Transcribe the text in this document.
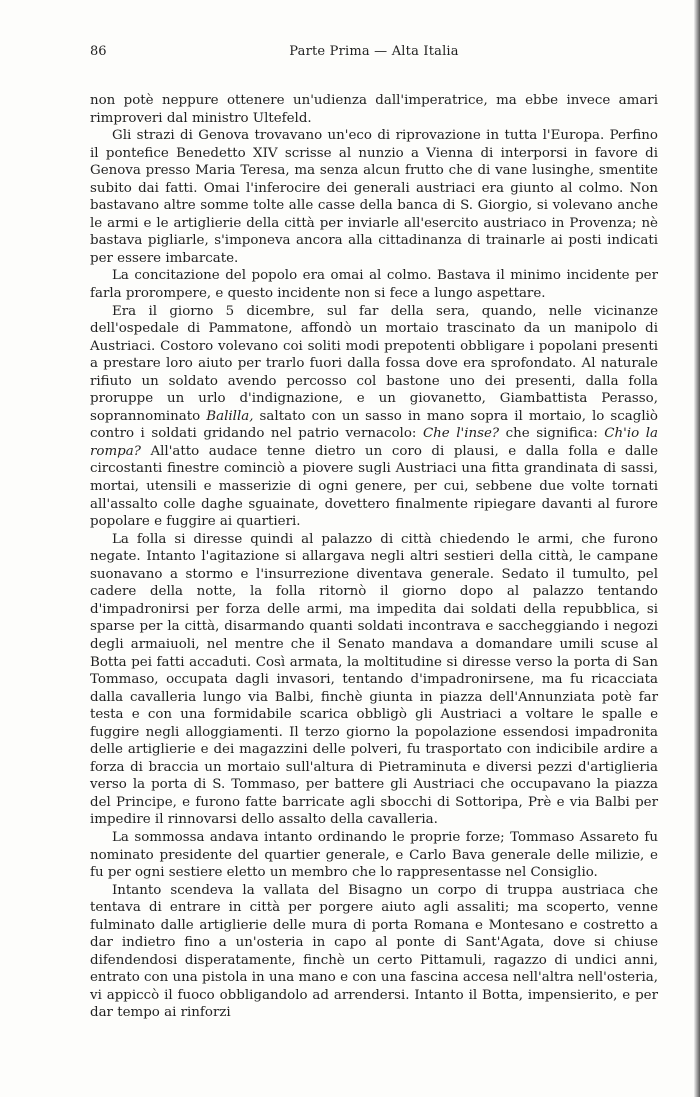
86	Parte Prima — Alta Italia

non potè neppure ottenere un'udienza dall'imperatrice, ma ebbe invece amari rimproveri dal ministro Ultefeld.

Gli strazi di Genova trovavano un'eco di riprovazione in tutta l'Europa. Perfino il pontefice Benedetto XIV scrisse al nunzio a Vienna di interporsi in favore di Genova presso Maria Teresa, ma senza alcun frutto che di vane lusinghe, smentite subito dai fatti. Omai l'inferocire dei generali austriaci era giunto al colmo. Non bastavano altre somme tolte alle casse della banca di S. Giorgio, si volevano anche le armi e le artiglierie della città per inviarle all'esercito austriaco in Provenza; nè bastava pigliarle, s'imponeva ancora alla cittadinanza di trainarle ai posti indicati per essere imbarcate.

La concitazione del popolo era omai al colmo. Bastava il minimo incidente per farla prorompere, e questo incidente non si fece a lungo aspettare.

Era il giorno 5 dicembre, sul far della sera, quando, nelle vicinanze dell'ospedale di Pammatone, affondò un mortaio trascinato da un manipolo di Austriaci. Costoro volevano coi soliti modi prepotenti obbligare i popolani presenti a prestare loro aiuto per trarlo fuori dalla fossa dove era sprofondato. Al naturale rifiuto un soldato avendo percosso col bastone uno dei presenti, dalla folla proruppe un urlo d'indignazione, e un giovanetto, Giambattista Perasso, soprannominato Balilla, saltato con un sasso in mano sopra il mortaio, lo scagliò contro i soldati gridando nel patrio vernacolo: Che l'inse? che significa: Ch'io la rompa? All'atto audace tenne dietro un coro di plausi, e dalla folla e dalle circostanti finestre cominciò a piovere sugli Austriaci una fitta grandinata di sassi, mortai, utensili e masserizie di ogni genere, per cui, sebbene due volte tornati all'assalto colle daghe sguainate, dovettero finalmente ripiegare davanti al furore popolare e fuggire ai quartieri.

La folla si diresse quindi al palazzo di città chiedendo le armi, che furono negate. Intanto l'agitazione si allargava negli altri sestieri della città, le campane suonavano a stormo e l'insurrezione diventava generale. Sedato il tumulto, pel cadere della notte, la folla ritornò il giorno dopo al palazzo tentando d'impadronirsi per forza delle armi, ma impedita dai soldati della repubblica, si sparse per la città, disarmando quanti soldati incontrava e saccheggiando i negozi degli armaiuoli, nel mentre che il Senato mandava a domandare umili scuse al Botta pei fatti accaduti. Così armata, la moltitudine si diresse verso la porta di San Tommaso, occupata dagli invasori, tentando d'impadronirsene, ma fu ricacciata dalla cavalleria lungo via Balbi, finchè giunta in piazza dell'Annunziata potè far testa e con una formidabile scarica obbligò gli Austriaci a voltare le spalle e fuggire negli alloggiamenti. Il terzo giorno la popolazione essendosi impadronita delle artiglierie e dei magazzini delle polveri, fu trasportato con indicibile ardire a forza di braccia un mortaio sull'altura di Pietraminuta e diversi pezzi d'artiglieria verso la porta di S. Tommaso, per battere gli Austriaci che occupavano la piazza del Principe, e furono fatte barricate agli sbocchi di Sottoripa, Prè e via Balbi per impedire il rinnovarsi dello assalto della cavalleria.

La sommossa andava intanto ordinando le proprie forze; Tommaso Assareto fu nominato presidente del quartier generale, e Carlo Bava generale delle milizie, e fu per ogni sestiere eletto un membro che lo rappresentasse nel Consiglio.

Intanto scendeva la vallata del Bisagno un corpo di truppa austriaca che tentava di entrare in città per porgere aiuto agli assaliti; ma scoperto, venne fulminato dalle artiglierie delle mura di porta Romana e Montesano e costretto a dar indietro fino a un'osteria in capo al ponte di Sant'Agata, dove si chiuse difendendosi disperatamente, finchè un certo Pittamuli, ragazzo di undici anni, entrato con una pistola in una mano e con una fascina accesa nell'altra nell'osteria, vi appiccò il fuoco obbligandolo ad arrendersi. Intanto il Botta, impensierito, e per dar tempo ai rinforzi
